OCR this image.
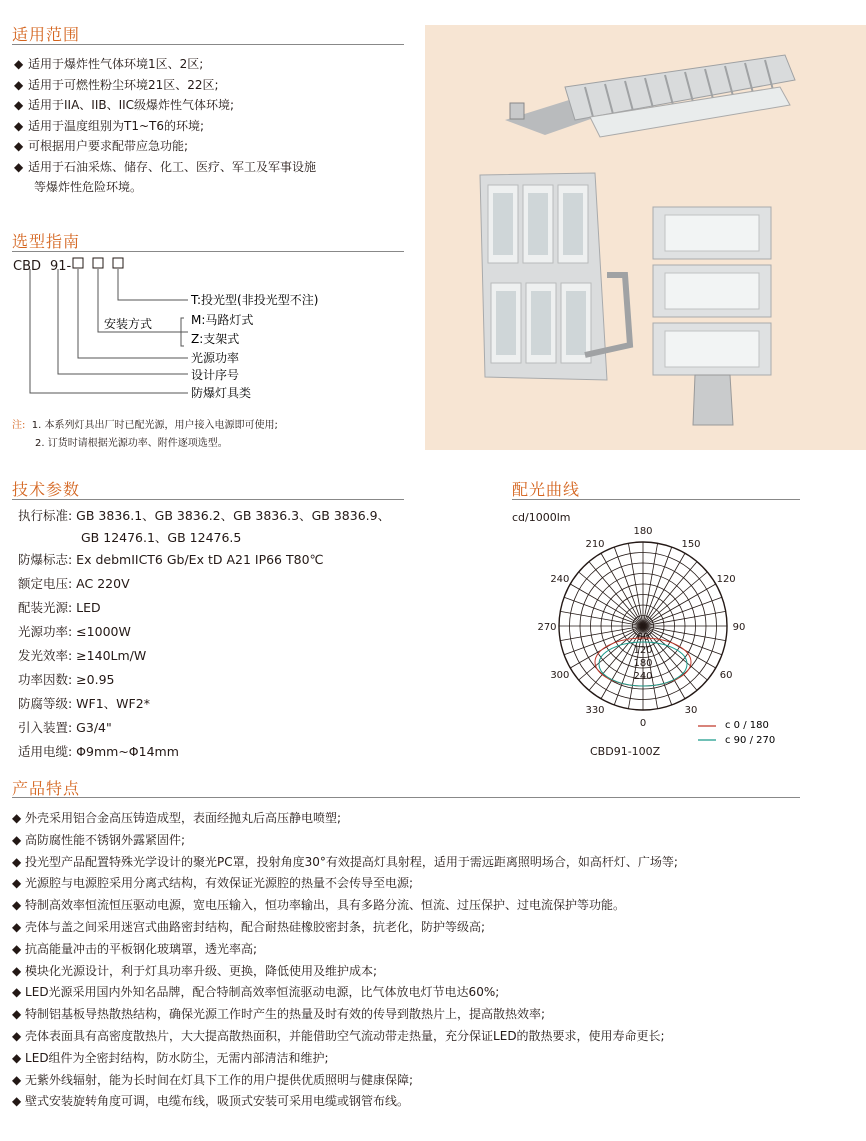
适用范围
◆ 适用于爆炸性气体环境1区、2区;
◆ 适用于可燃性粉尘环境21区、22区;
◆ 适用于IIA、IIB、IIC级爆炸性气体环境;
◆ 适用于温度组别为T1~T6的环境;
◆ 可根据用户要求配带应急功能;
◆ 适用于石油采炼、储存、化工、医疗、军工及军事设施
等爆炸性危险环境。
选型指南
CBD 91-
T:投光型(非投光型不注)
安装方式	M:马路灯式
Z:支架式
光源功率
设计序号
防爆灯具类
注: 1. 本系列灯具出厂时已配光源，用户接入电源即可使用;
2. 订货时请根据光源功率、附件逐项选型。
技术参数
执行标准: GB 3836.1、GB 3836.2、GB 3836.3、GB 3836.9、
GB 12476.1、GB 12476.5
防爆标志: Ex debmIICT6 Gb/Ex tD A21 IP66 T80℃
额定电压: AC 220V
配装光源: LED
光源功率: ≤1000W
发光效率: ≥140Lm/W
功率因数: ≥0.95
防腐等级: WF1、WF2*
引入装置: G3/4"
适用电缆: Φ9mm~Φ14mm
配光曲线
cd/1000lm
180
150
120
90
60
30
0
330
300
270
240
210
60
120
180
240
c 0 / 180
c 90 / 270
CBD91-100Z
产品特点
◆ 外壳采用铝合金高压铸造成型，表面经抛丸后高压静电喷塑;
◆ 高防腐性能不锈钢外露紧固件;
◆ 投光型产品配置特殊光学设计的聚光PC罩，投射角度30°有效提高灯具射程，适用于需远距离照明场合，如高杆灯、广场等;
◆ 光源腔与电源腔采用分离式结构，有效保证光源腔的热量不会传导至电源;
◆ 特制高效率恒流恒压驱动电源，宽电压输入，恒功率输出，具有多路分流、恒流、过压保护、过电流保护等功能。
◆ 壳体与盖之间采用迷宫式曲路密封结构，配合耐热硅橡胶密封条，抗老化，防护等级高;
◆ 抗高能量冲击的平板钢化玻璃罩，透光率高;
◆ 模块化光源设计，利于灯具功率升级、更换，降低使用及维护成本;
◆ LED光源采用国内外知名品牌，配合特制高效率恒流驱动电源，比气体放电灯节电达60%;
◆ 特制铝基板导热散热结构，确保光源工作时产生的热量及时有效的传导到散热片上，提高散热效率;
◆ 壳体表面具有高密度散热片，大大提高散热面积，并能借助空气流动带走热量，充分保证LED的散热要求，使用寿命更长;
◆ LED组件为全密封结构，防水防尘，无需内部清洁和维护;
◆ 无紫外线辐射，能为长时间在灯具下工作的用户提供优质照明与健康保障;
◆ 壁式安装旋转角度可调，电缆布线，吸顶式安装可采用电缆或钢管布线。
